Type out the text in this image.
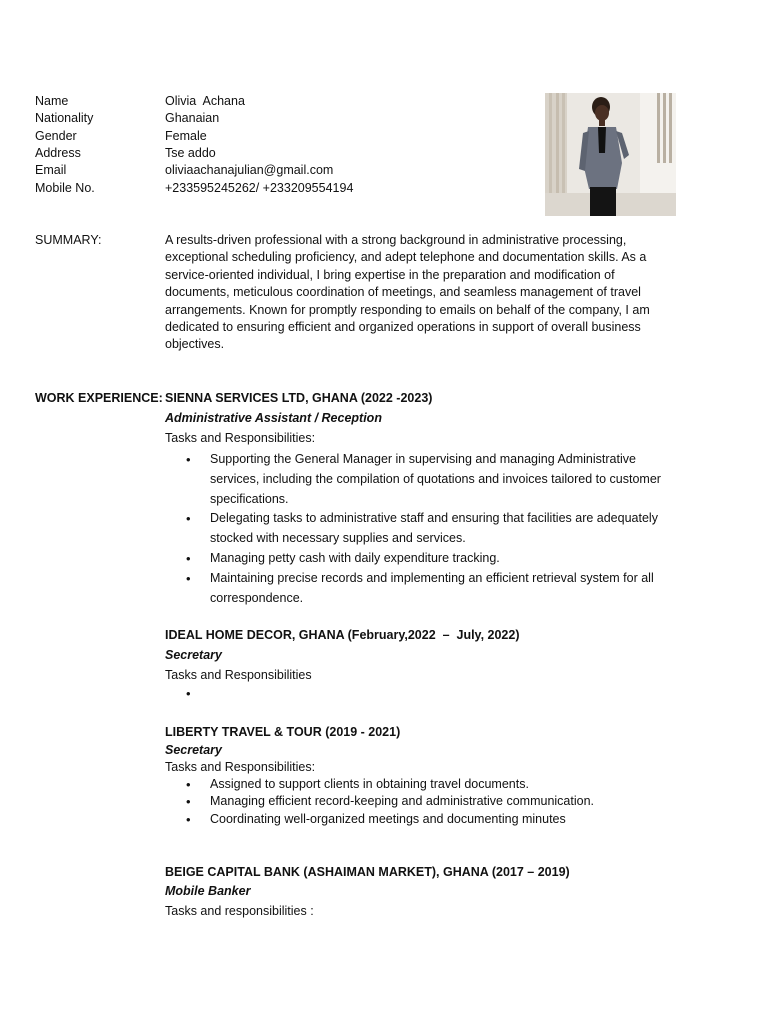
Name
Nationality
Gender
Address
Email
Mobile No.
Olivia  Achana
Ghanaian
Female
Tse addo
oliviaachanajulian@gmail.com
+233595245262/ +233209554194
SUMMARY:	A results-driven professional with a strong background in administrative processing, exceptional scheduling proficiency, and adept telephone and documentation skills. As a service-oriented individual, I bring expertise in the preparation and modification of documents, meticulous coordination of meetings, and seamless management of travel arrangements. Known for promptly responding to emails on behalf of the company, I am dedicated to ensuring efficient and organized operations in support of overall business objectives.
WORK EXPERIENCE: SIENNA SERVICES LTD, GHANA (2022 -2023)
Administrative Assistant / Reception
Tasks and Responsibilities:
• Supporting the General Manager in supervising and managing Administrative services, including the compilation of quotations and invoices tailored to customer specifications.
• Delegating tasks to administrative staff and ensuring that facilities are adequately stocked with necessary supplies and services.
• Managing petty cash with daily expenditure tracking.
• Maintaining precise records and implementing an efficient retrieval system for all correspondence.
IDEAL HOME DECOR, GHANA (February,2022  –  July, 2022)
Secretary
Tasks and Responsibilities
•
LIBERTY TRAVEL & TOUR (2019 - 2021)
Secretary
Tasks and Responsibilities:
• Assigned to support clients in obtaining travel documents.
• Managing efficient record-keeping and administrative communication.
• Coordinating well-organized meetings and documenting minutes
BEIGE CAPITAL BANK (ASHAIMAN MARKET), GHANA (2017 – 2019)
Mobile Banker
Tasks and responsibilities :
